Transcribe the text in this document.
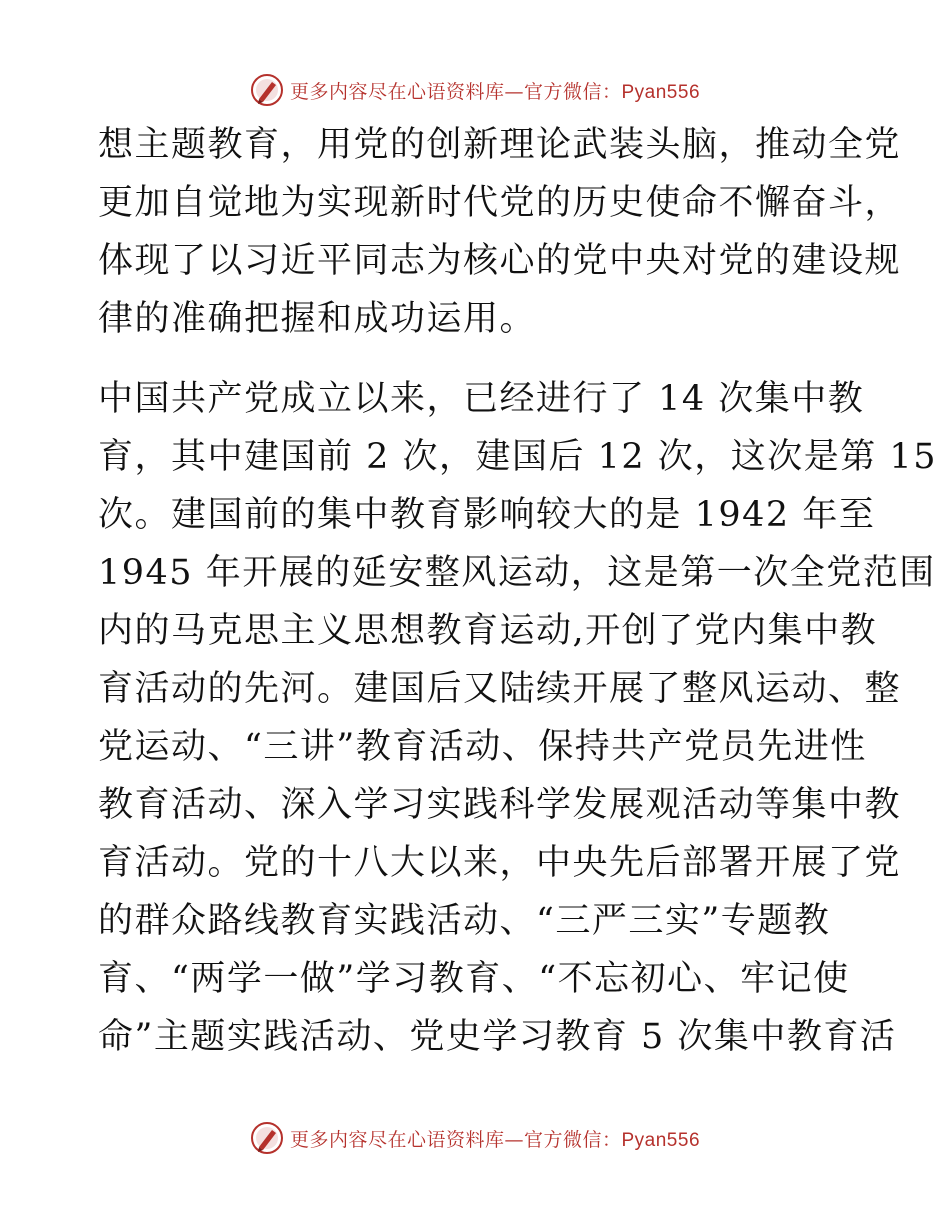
更多内容尽在心语资料库—官方微信：Pyan556

想主题教育，用党的创新理论武装头脑，推动全党
更加自觉地为实现新时代党的历史使命不懈奋斗，
体现了以习近平同志为核心的党中央对党的建设规
律的准确把握和成功运用。

中国共产党成立以来，已经进行了 14 次集中教
育，其中建国前 2 次，建国后 12 次，这次是第 15
次。建国前的集中教育影响较大的是 1942 年至
1945 年开展的延安整风运动，这是第一次全党范围
内的马克思主义思想教育运动,开创了党内集中教
育活动的先河。建国后又陆续开展了整风运动、整
党运动、“三讲”教育活动、保持共产党员先进性
教育活动、深入学习实践科学发展观活动等集中教
育活动。党的十八大以来，中央先后部署开展了党
的群众路线教育实践活动、“三严三实”专题教
育、“两学一做”学习教育、“不忘初心、牢记使
命”主题实践活动、党史学习教育 5 次集中教育活

更多内容尽在心语资料库—官方微信：Pyan556
